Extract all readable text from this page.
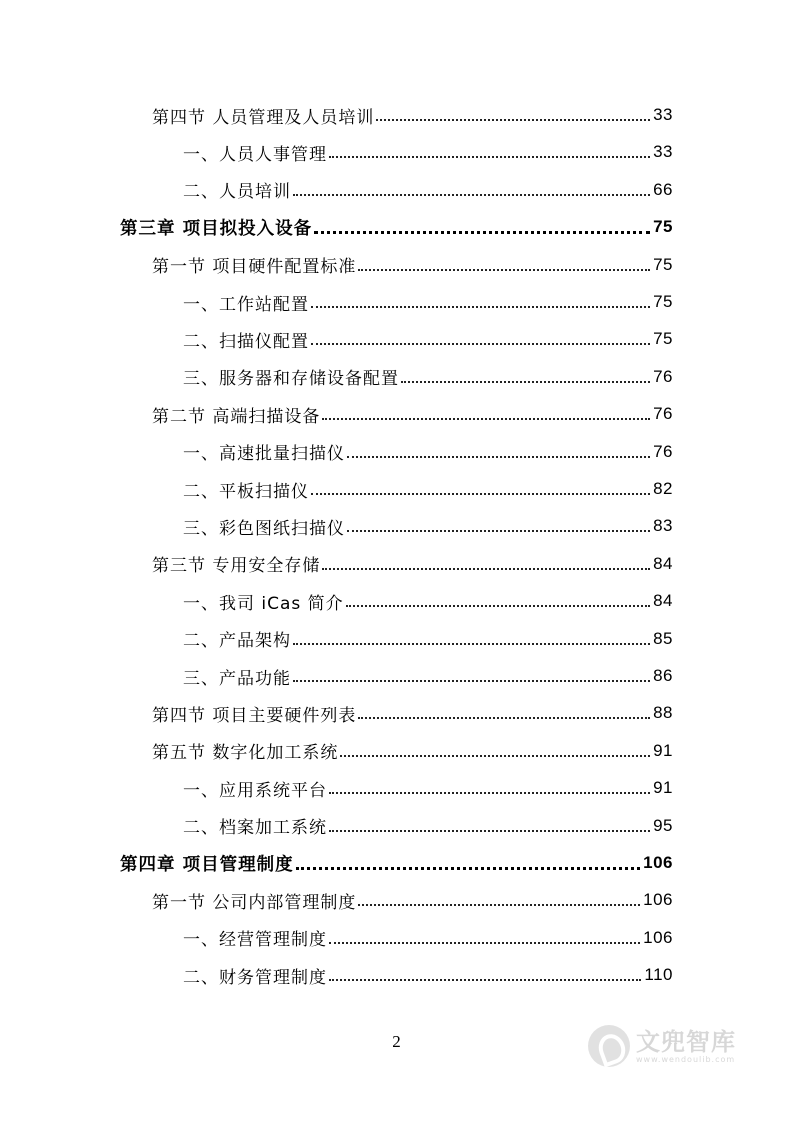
第四节 人员管理及人员培训	33
一、人员人事管理	33
二、人员培训	66
第三章 项目拟投入设备	75
第一节 项目硬件配置标准	75
一、工作站配置	75
二、扫描仪配置	75
三、服务器和存储设备配置	76
第二节 高端扫描设备	76
一、高速批量扫描仪	76
二、平板扫描仪	82
三、彩色图纸扫描仪	83
第三节 专用安全存储	84
一、我司 iCas 简介	84
二、产品架构	85
三、产品功能	86
第四节 项目主要硬件列表	88
第五节 数字化加工系统	91
一、应用系统平台	91
二、档案加工系统	95
第四章 项目管理制度	106
第一节 公司内部管理制度	106
一、经营管理制度	106
二、财务管理制度	110
2	文兜智库
www.wendoulib.com
